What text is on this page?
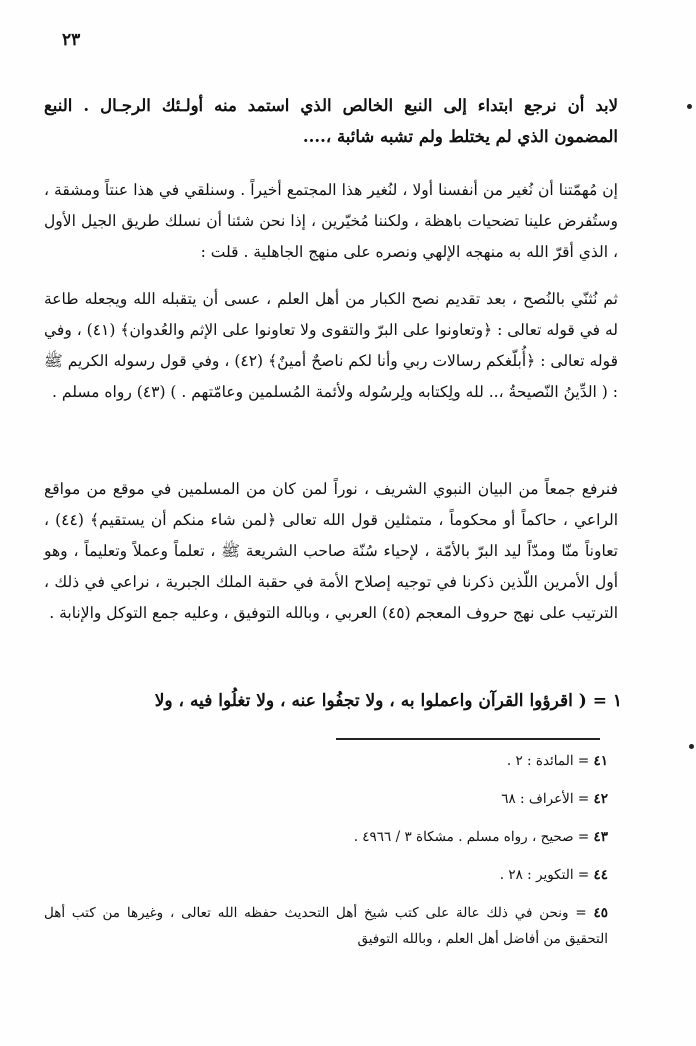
٢٣
لابد أن نرجع ابتداء إلى النبع الخالص الذي استمد منه أولـئك الرجـال . النبع المضمون الذي لم يختلط ولم تشبه شائبة ،....
إن مُهمّتنا أن نُغير من أنفسنا أولا ، لنُغير هذا المجتمع أخيراً . وسنلقي في هذا عنتاً ومشقة ، وستُفرض علينا تضحيات باهظة ، ولكننا مُخيّرين ، إذا نحن شئنا أن نسلك طريق الجيل الأول ، الذي أقرّ الله به منهجه الإلهي ونصره على منهج الجاهلية . قلت :
ثم نُثنّي بالنُصح ، بعد تقديم نصح الكبار من أهل العلم ، عسى أن يتقبله الله ويجعله طاعة له في قوله تعالى : ﴿وتعاونوا على البرّ والتقوى ولا تعاونوا على الإثم والعُدوان﴾ (٤١) ، وفي قوله تعالى : ﴿أُبلّغكم رسالات ربي وأنا لكم ناصحٌ أمينٌ﴾ (٤٢) ، وفي قول رسوله الكريم ﷺ : ( الدِّينُ النّصيحةُ ،.. لله ولِكتابه ولِرسُوله ولأئمة المُسلمين وعامّتهم . ) (٤٣) رواه مسلم .
فنرفع جمعاً من البيان النبوي الشريف ، نوراً لمن كان من المسلمين في موقع من مواقع الراعي ، حاكماً أو محكوماً ، متمثلين قول الله تعالى ﴿لمن شاء منكم أن يستقيم﴾ (٤٤) ، تعاوناً منّا ومدّاً ليد البرّ بالأمّة ، لإحياء سُنّة صاحب الشريعة ﷺ ، تعلماً وعملاً وتعليماً ، وهو أول الأمرين اللّذين ذكرنا في توجيه إصلاح الأمة في حقبة الملك الجبرية ، نراعي في ذلك ، الترتيب على نهج حروف المعجم (٤٥) العربي ، وبالله التوفيق ، وعليه جمع التوكل والإنابة .
١ = ( اقرؤوا القرآن واعملوا به ، ولا تجفُوا عنه ، ولا تغلُوا فيه ، ولا

٤١ = المائدة : ٢ .

٤٢ = الأعراف : ٦٨

٤٣ = صحيح ، رواه مسلم . مشكاة ٣ / ٤٩٦٦ .

٤٤ = التكوير : ٢٨ .

٤٥ = ونحن في ذلك عالة على كتب شيخ أهل التحديث حفظه الله تعالى ، وغيرها من كتب أهل التحقيق من أفاضل أهل العلم ، وبالله التوفيق
